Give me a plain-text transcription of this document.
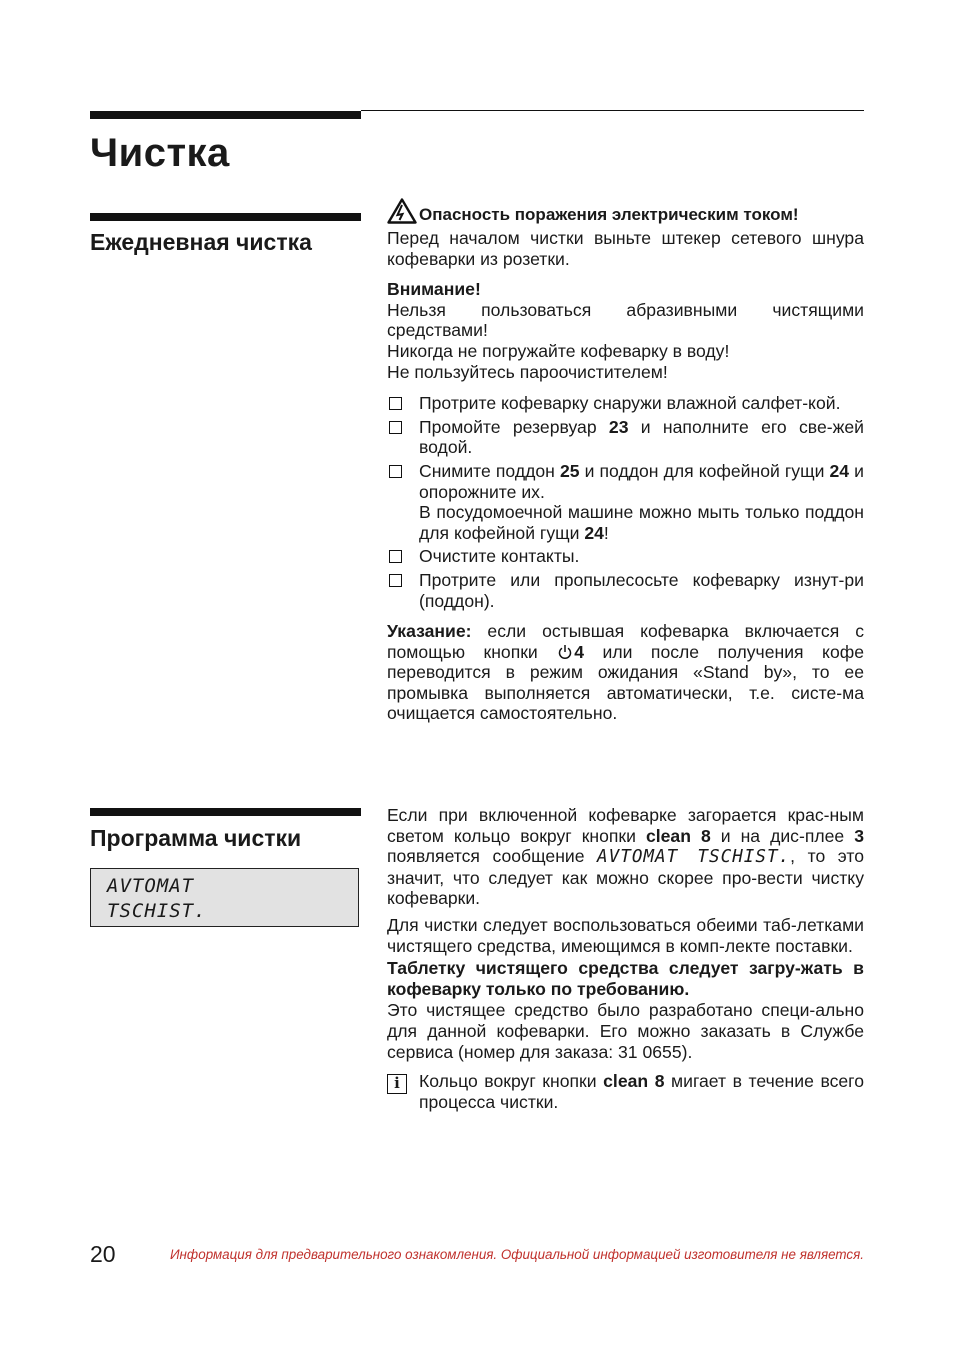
Чистка
Ежедневная чистка

Опасность поражения электрическим током!

Перед началом чистки выньте штекер сетевого шнура кофеварки из розетки.

Внимание!

Нельзя пользоваться абразивными чистящими средствами!

Никогда не погружайте кофеварку в воду!

Не пользуйтесь пароочистителем!

Протрите кофеварку снаружи влажной салфет-кой.
Промойте резервуар 23 и наполните его све-жей водой.
Снимите поддон 25 и поддон для кофейной гущи 24 и опорожните их.
В посудомоечной машине можно мыть только поддон для кофейной гущи 24!
Очистите контакты.
Протрите или пропылесосьте кофеварку изнут-ри (поддон).

Указание: если остывшая кофеварка включается с помощью кнопки 4 или после получения кофе переводится в режим ожидания «Stand by», то ее промывка выполняется автоматически, т.е. систе-ма очищается самостоятельно.

Программа чистки
AVTOMAT
TSCHIST.

Если при включенной кофеварке загорается крас-ным светом кольцо вокруг кнопки clean 8 и на дис-плее 3 появляется сообщение AVTOMAT TSCHIST., то это значит, что следует как можно скорее про-вести чистку кофеварки.

Для чистки следует воспользоваться обеими таб-летками чистящего средства, имеющимся в комп-лекте поставки.

Таблетку чистящего средства следует загру-жать в кофеварку только по требованию.

Это чистящее средство было разработано специ-ально для данной кофеварки. Его можно заказать в Службе сервиса (номер для заказа: 31 0655).

i	Кольцо вокруг кнопки clean 8 мигает в течение всего процесса чистки.
20	Информация для предварительного ознакомления. Официальной информацией изготовителя не является.
